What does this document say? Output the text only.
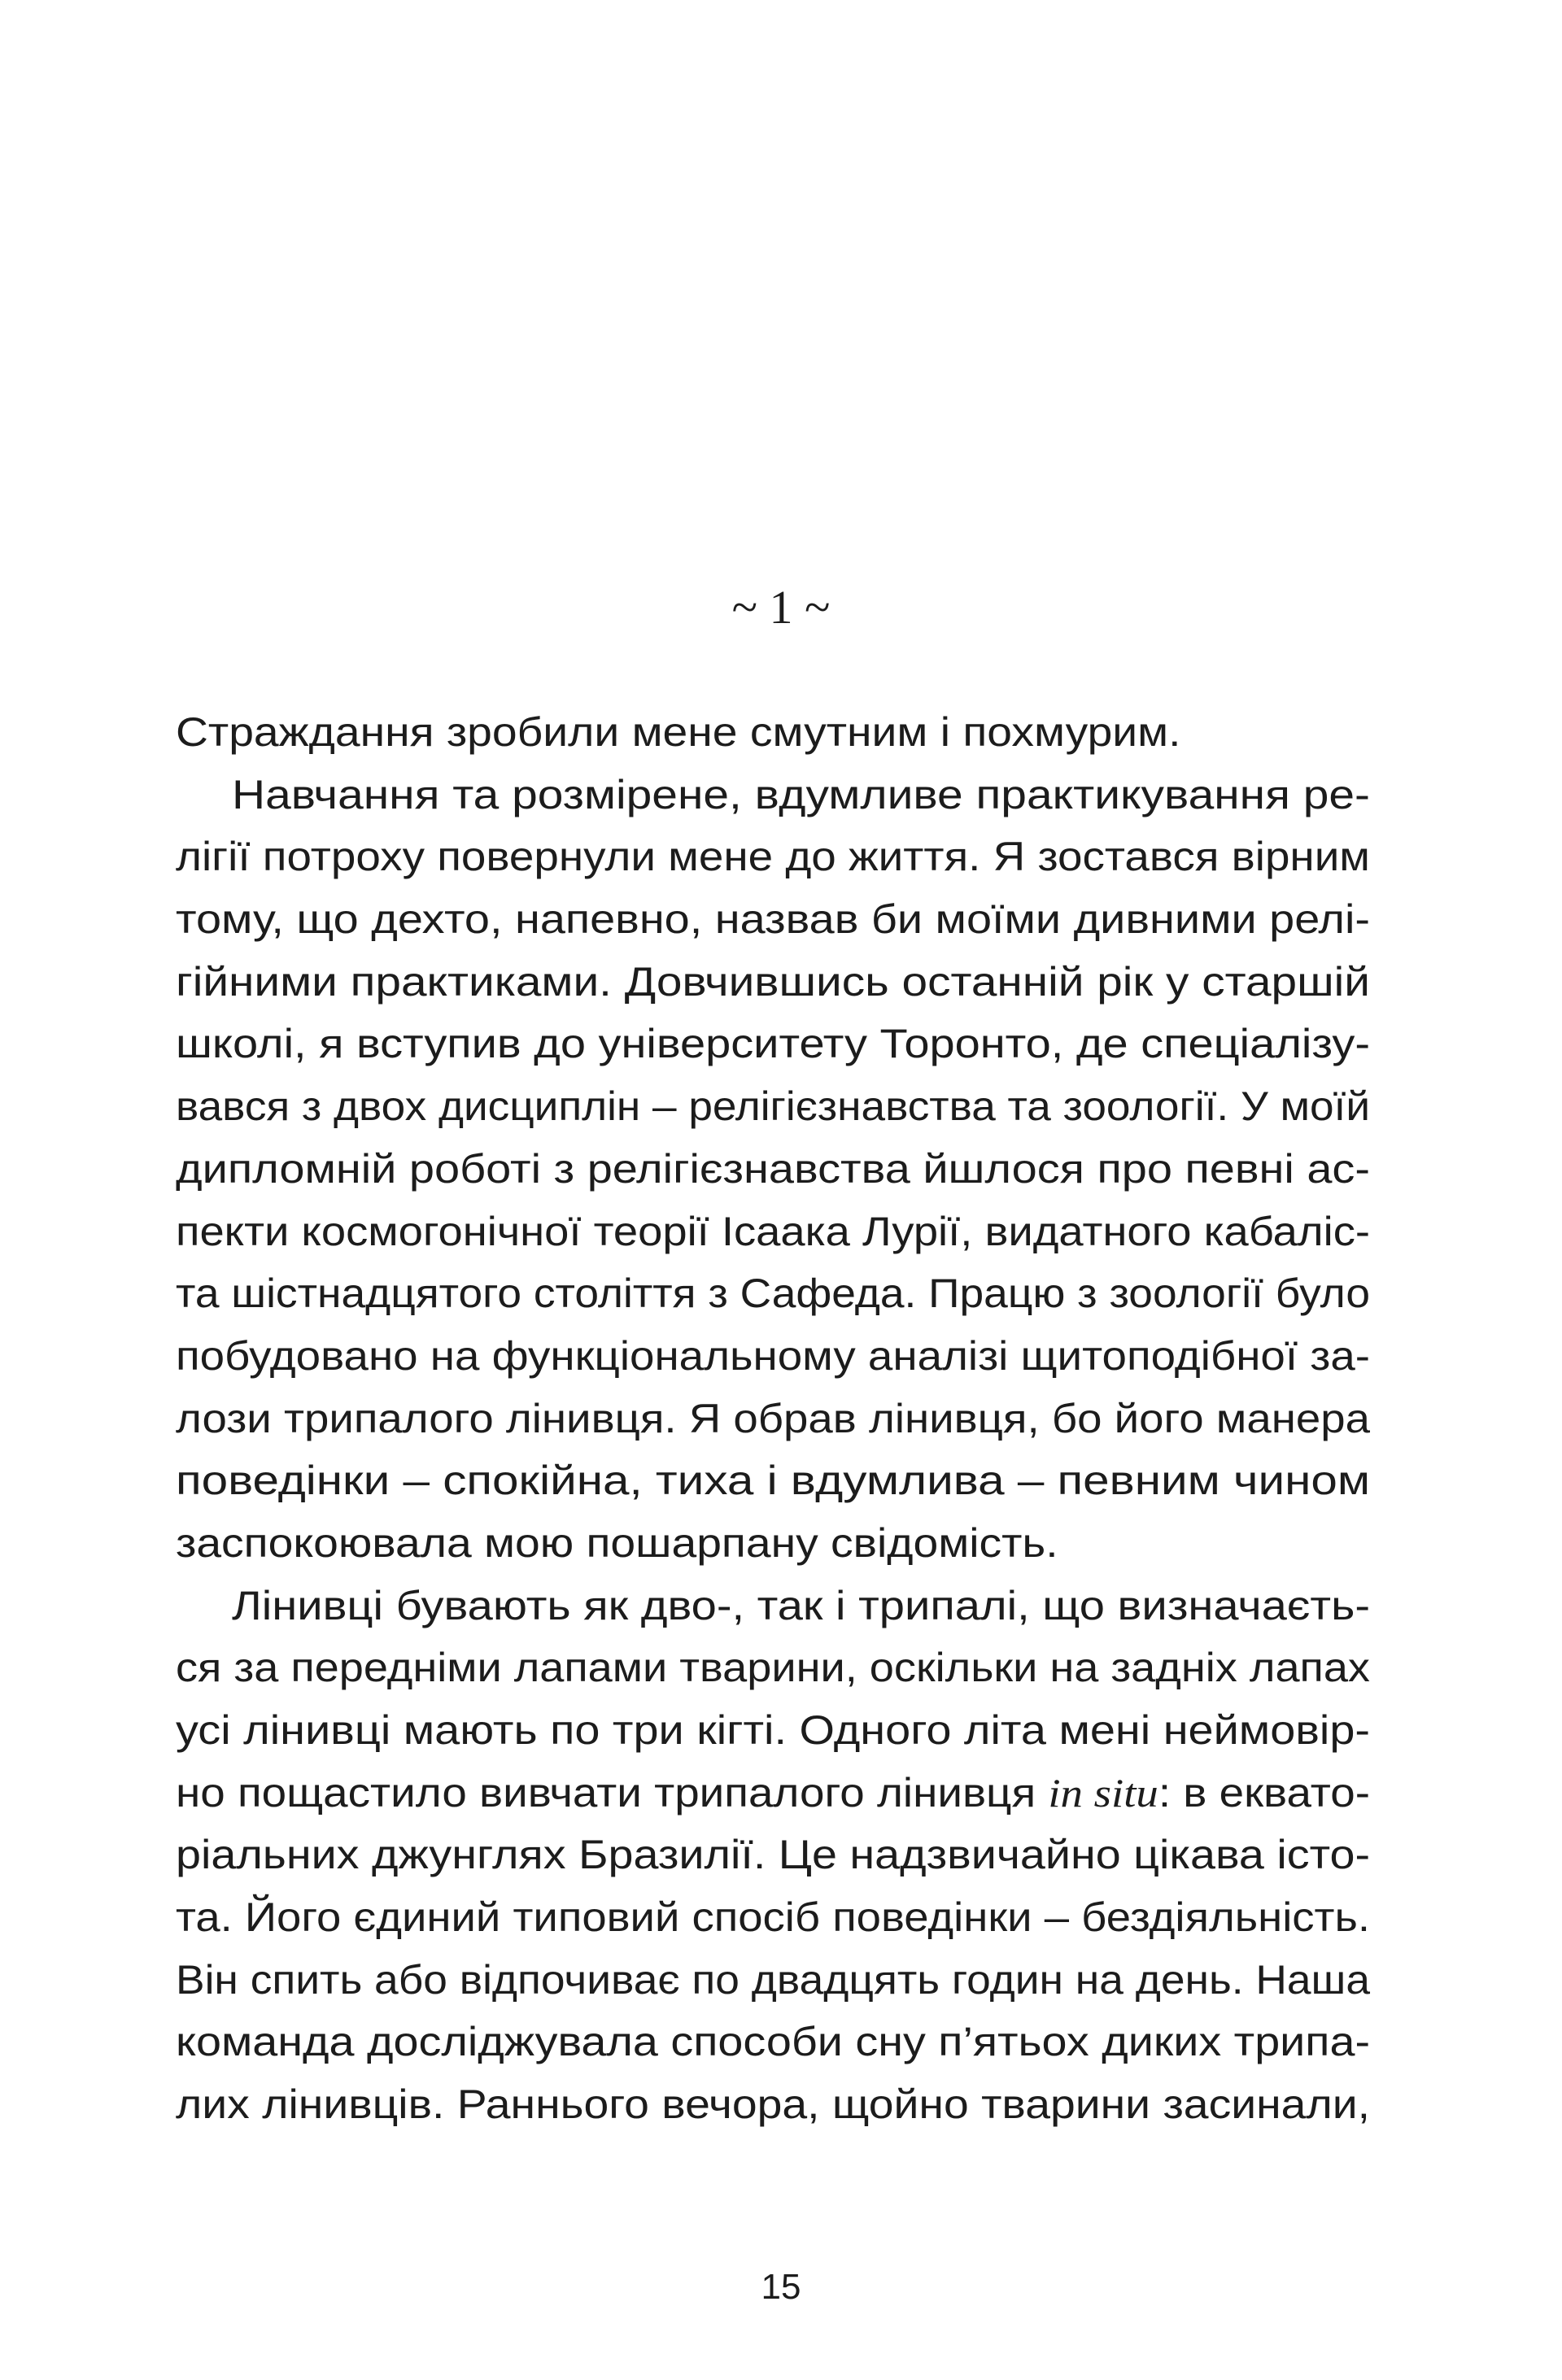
~ 1 ~
Страждання зробили мене смутним і похмурим.
Навчання та розмірене, вдумливе практикування ре-
лігії потроху повернули мене до життя. Я зостався вірним
тому, що дехто, напевно, назвав би моїми дивними релі-
гійними практиками. Довчившись останній рік у старшій
школі, я вступив до університету Торонто, де спеціалізу-
вався з двох дисциплін – релігієзнавства та зоології. У моїй
дипломній роботі з релігієзнавства йшлося про певні ас-
пекти космогонічної теорії Ісаака Лурії, видатного кабаліс-
та шістнадцятого століття з Сафеда. Працю з зоології було
побудовано на функціональному аналізі щитоподібної за-
лози трипалого лінивця. Я обрав лінивця, бо його манера
поведінки – спокійна, тиха і вдумлива – певним чином
заспокоювала мою пошарпану свідомість.
Лінивці бувають як дво-, так і трипалі, що визначаєть-
ся за передніми лапами тварини, оскільки на задніх лапах
усі лінивці мають по три кігті. Одного літа мені неймовір-
но пощастило вивчати трипалого лінивця in situ: в еквато-
ріальних джунглях Бразилії. Це надзвичайно цікава істо-
та. Його єдиний типовий спосіб поведінки – бездіяльність.
Він спить або відпочиває по двадцять годин на день. Наша
команда досліджувала способи сну п’ятьох диких трипа-
лих лінивців. Раннього вечора, щойно тварини засинали,
15
